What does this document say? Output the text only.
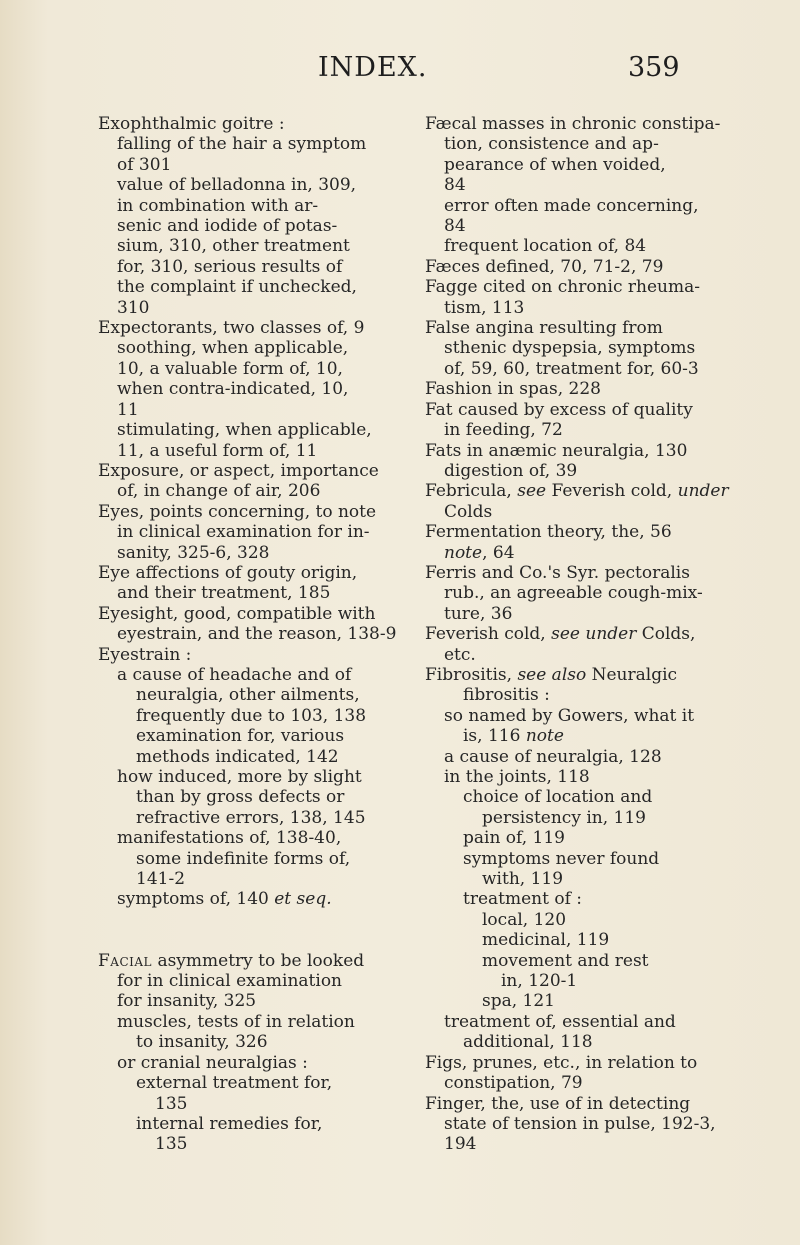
INDEX.	359
Exophthalmic goitre :
falling of the hair a symptom
of 301
value of belladonna in, 309,
in combination with ar-
senic and iodide of potas-
sium, 310, other treatment
for, 310, serious results of
the complaint if unchecked,
310
Expectorants, two classes of, 9
soothing, when applicable,
10, a valuable form of, 10,
when contra-indicated, 10,
11
stimulating, when applicable,
11, a useful form of, 11
Exposure, or aspect, importance
of, in change of air, 206
Eyes, points concerning, to note
in clinical examination for in-
sanity, 325-6, 328
Eye affections of gouty origin,
and their treatment, 185
Eyesight, good, compatible with
eyestrain, and the reason, 138-9
Eyestrain :
a cause of headache and of
neuralgia, other ailments,
frequently due to 103, 138
examination for, various
methods indicated, 142
how induced, more by slight
than by gross defects or
refractive errors, 138, 145
manifestations of, 138-40,
some indefinite forms of,
141-2
symptoms of, 140 et seq.

Facial asymmetry to be looked
for in clinical examination
for insanity, 325
muscles, tests of in relation
to insanity, 326
or cranial neuralgias :
external treatment for,
135
internal remedies for,
135
Fæcal masses in chronic constipa-
tion, consistence and ap-
pearance of when voided,
84
error often made concerning,
84
frequent location of, 84
Fæces defined, 70, 71-2, 79
Fagge cited on chronic rheuma-
tism, 113
False angina resulting from
sthenic dyspepsia, symptoms
of, 59, 60, treatment for, 60-3
Fashion in spas, 228
Fat caused by excess of quality
in feeding, 72
Fats in anæmic neuralgia, 130
digestion of, 39
Febricula, see Feverish cold, under
Colds
Fermentation theory, the, 56
note, 64
Ferris and Co.'s Syr. pectoralis
rub., an agreeable cough-mix-
ture, 36
Feverish cold, see under Colds,
etc.
Fibrositis, see also Neuralgic
fibrositis :
so named by Gowers, what it
is, 116 note
a cause of neuralgia, 128
in the joints, 118
choice of location and
persistency in, 119
pain of, 119
symptoms never found
with, 119
treatment of :
local, 120
medicinal, 119
movement and rest
in, 120-1
spa, 121
treatment of, essential and
additional, 118
Figs, prunes, etc., in relation to
constipation, 79
Finger, the, use of in detecting
state of tension in pulse, 192-3,
194
